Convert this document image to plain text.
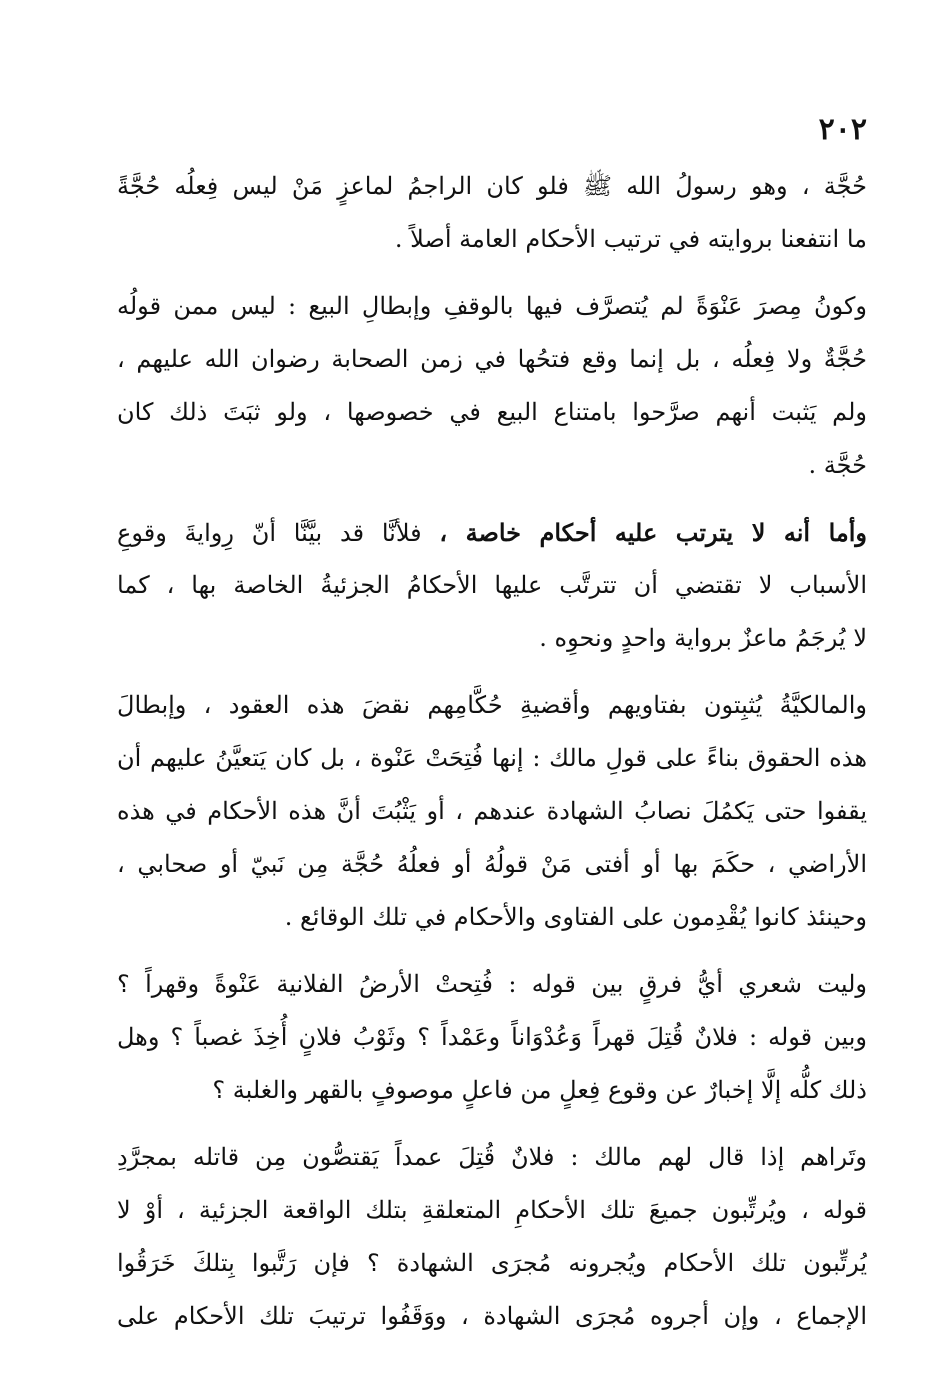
٢٠٢
حُجَّة ، وهو رسولُ الله ﷺ فلو كان الراجمُ لماعزٍ مَنْ ليس فِعلُه حُجَّةً
ما انتفعنا بروايته في ترتيب الأحكام العامة أصلاً .
وكونُ مِصرَ عَنْوَةً لم يُتصرَّف فيها بالوقفِ وإبطالِ البيع : ليس ممن قولُه
حُجَّةٌ ولا فِعلُه ، بل إنما وقع فتحُها في زمن الصحابة رضوان الله عليهم ،
ولم يَثبت أنهم صرَّحوا بامتناع البيع في خصوصها ، ولو ثبَتَ ذلك كان
حُجَّة .
وأما أنه لا يترتب عليه أحكام خاصة ، فلأنَّا قد بيَّنَّا أنّ رِوايةَ وقوعِ
الأسباب لا تقتضي أن تترتَّب عليها الأحكامُ الجزئيةُ الخاصة بها ، كما
لا يُرجَمُ ماعزٌ برواية واحدٍ ونحوِه .
والمالكيَّةُ يُثبِتون بفتاويهم وأقضيةِ حُكَّامِهم نقضَ هذه العقود ، وإبطالَ
هذه الحقوق بناءً على قولِ مالك : إنها فُتِحَتْ عَنْوة ، بل كان يَتعيَّنُ عليهم أن
يقفوا حتى يَكمُلَ نصابُ الشهادة عندهم ، أو يَثْبُتَ أنَّ هذه الأحكام في هذه
الأراضي ، حكَمَ بها أو أفتى مَنْ قولُهُ أو فعلُهُ حُجَّة مِن نَبيّ أو صحابي ،
وحينئذ كانوا يُقْدِمون على الفتاوى والأحكام في تلك الوقائع .
وليت شعري أيُّ فرقٍ بين قوله : فُتِحتْ الأرضُ الفلانية عَنْوةً وقهراً ؟
وبين قوله : فلانٌ قُتِلَ قهراً وَعُدْوَاناً وعَمْداً ؟ وثَوْبُ فلانٍ أُخِذَ غصباً ؟ وهل
ذلك كلُّه إلَّا إخبارٌ عن وقوع فِعلٍ من فاعلٍ موصوفٍ بالقهر والغلبة ؟
وتَراهم إذا قال لهم مالك : فلانٌ قُتِلَ عمداً يَقتصُّون مِن قاتله بمجرَّدِ
قوله ، ويُرتِّبون جميعَ تلك الأحكامِ المتعلقةِ بتلك الواقعة الجزئية ، أوْ لا
يُرتِّبون تلك الأحكام ويُجرونه مُجرَى الشهادة ؟ فإن رَتَّبوا بِتلكَ خَرَقُوا
الإجماع ، وإن أجروه مُجرَى الشهادة ، ووَقَفُوا ترتيبَ تلك الأحكام على
